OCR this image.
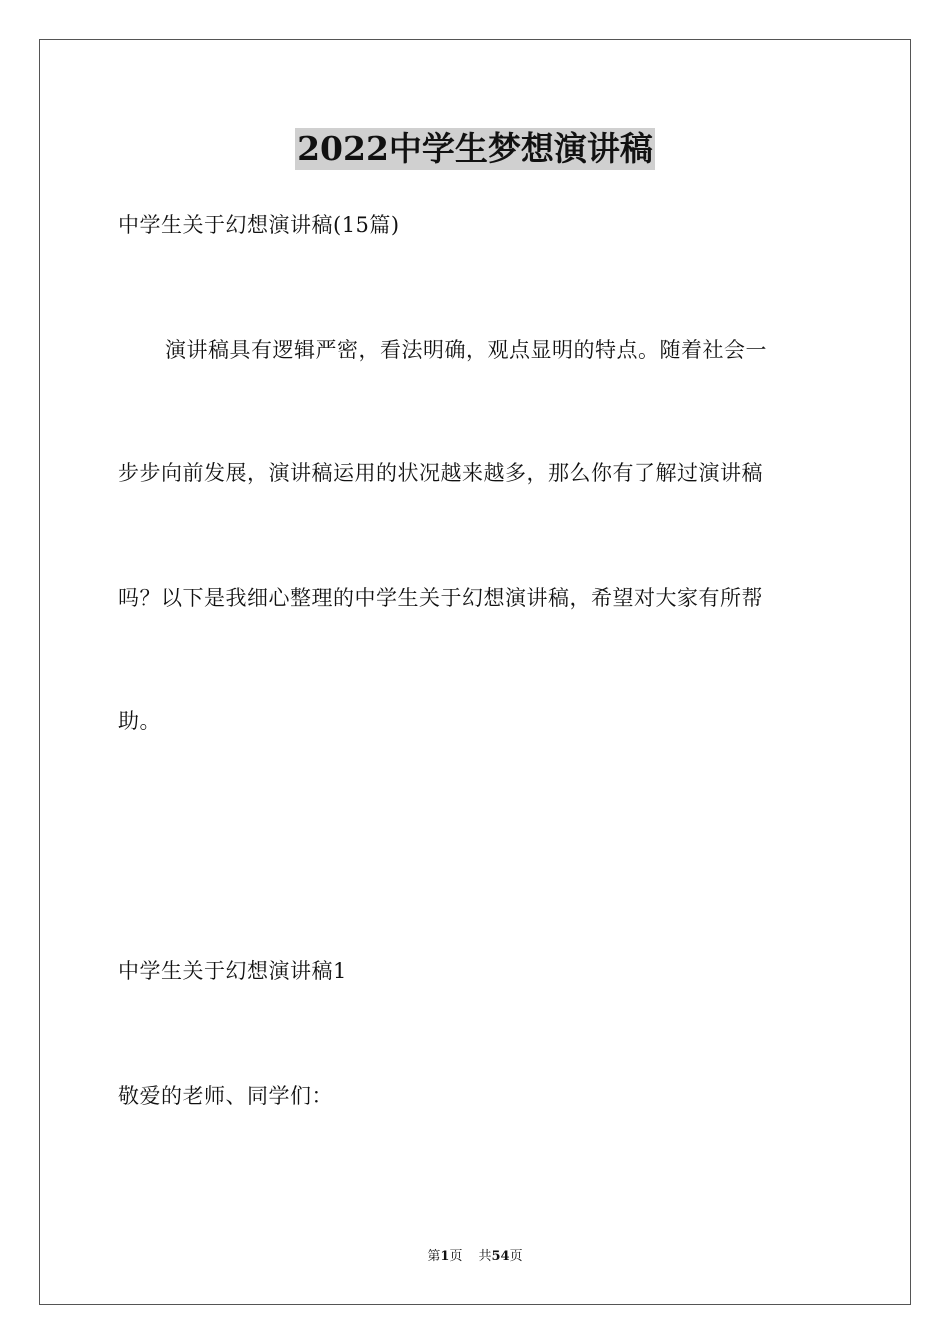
2022中学生梦想演讲稿
中学生关于幻想演讲稿(15篇)
演讲稿具有逻辑严密，看法明确，观点显明的特点。随着社会一
步步向前发展，演讲稿运用的状况越来越多，那么你有了解过演讲稿
吗？以下是我细心整理的中学生关于幻想演讲稿，希望对大家有所帮
助。
中学生关于幻想演讲稿1
敬爱的老师、同学们：
第1页 共54页
